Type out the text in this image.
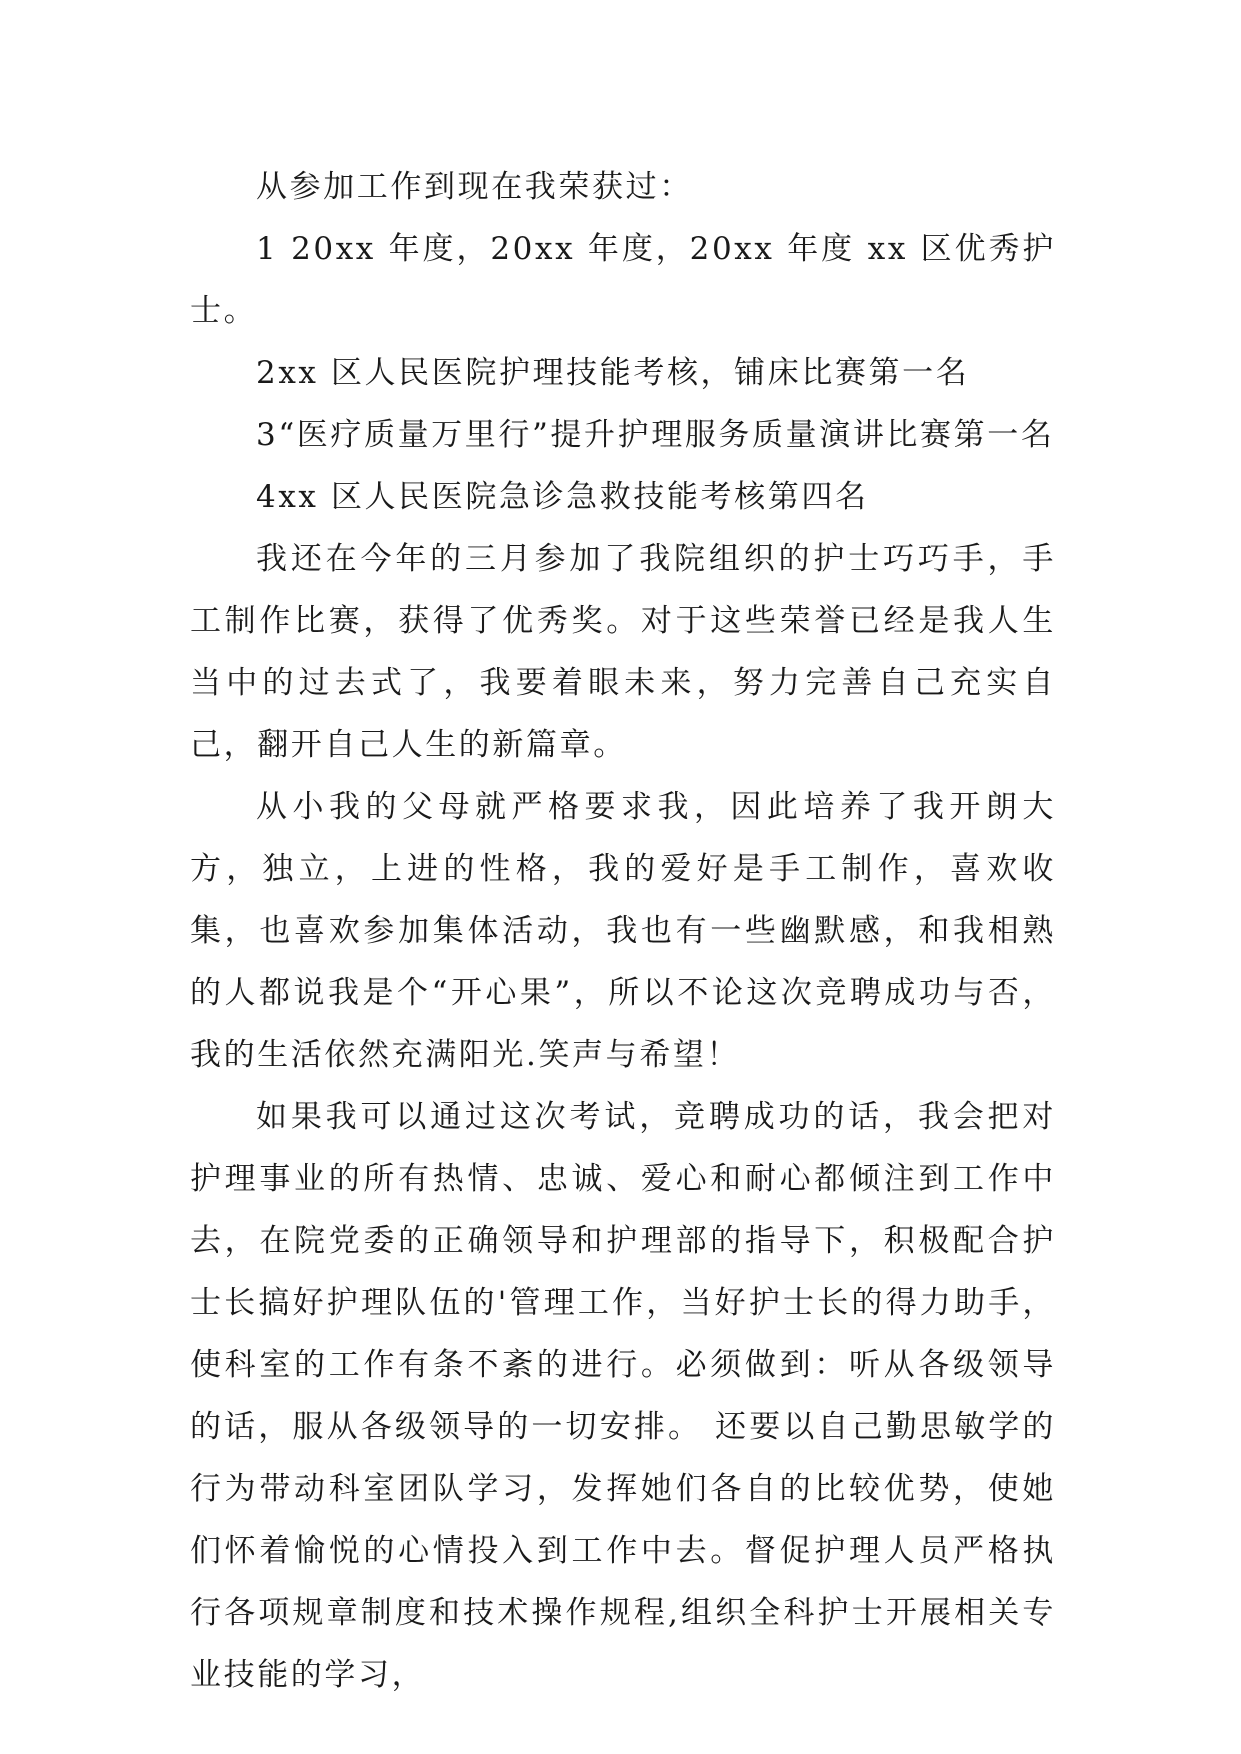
从参加工作到现在我荣获过：

1 20xx 年度，20xx 年度，20xx 年度 xx 区优秀护士。

2xx 区人民医院护理技能考核，铺床比赛第一名

3“医疗质量万里行”提升护理服务质量演讲比赛第一名

4xx 区人民医院急诊急救技能考核第四名

我还在今年的三月参加了我院组织的护士巧巧手，手工制作比赛，获得了优秀奖。对于这些荣誉已经是我人生当中的过去式了，我要着眼未来，努力完善自己充实自己，翻开自己人生的新篇章。

从小我的父母就严格要求我，因此培养了我开朗大方，独立，上进的性格，我的爱好是手工制作，喜欢收集，也喜欢参加集体活动，我也有一些幽默感，和我相熟的人都说我是个“开心果”，所以不论这次竞聘成功与否，我的生活依然充满阳光.笑声与希望！

如果我可以通过这次考试，竞聘成功的话，我会把对护理事业的所有热情、忠诚、爱心和耐心都倾注到工作中去，在院党委的正确领导和护理部的指导下，积极配合护士长搞好护理队伍的'管理工作，当好护士长的得力助手，使科室的工作有条不紊的进行。必须做到：听从各级领导的话，服从各级领导的一切安排。 还要以自己勤思敏学的行为带动科室团队学习，发挥她们各自的比较优势，使她们怀着愉悦的心情投入到工作中去。督促护理人员严格执行各项规章制度和技术操作规程,组织全科护士开展相关专业技能的学习，
